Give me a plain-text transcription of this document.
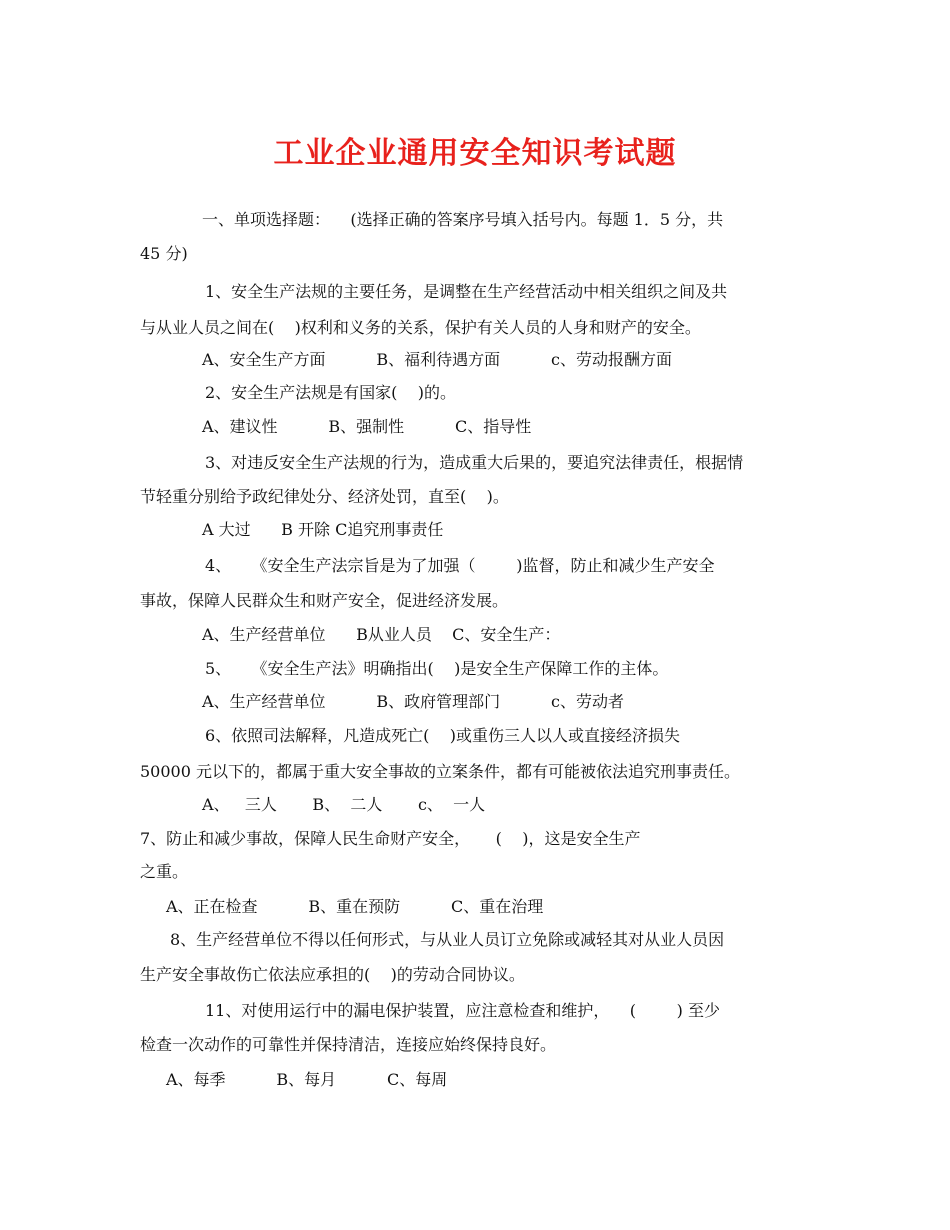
工业企业通用安全知识考试题
一、单项选择题：    (选择正确的答案序号填入括号内。每题 1．5 分，共
45 分)
1、安全生产法规的主要任务，是调整在生产经营活动中相关组织之间及共
与从业人员之间在(    )权利和义务的关系，保护有关人员的人身和财产的安全。
A、安全生产方面          B、福利待遇方面          c、劳动报酬方面
2、安全生产法规是有国家(    )的。
A、建议性          B、强制性          C、指导性
3、对违反安全生产法规的行为，造成重大后果的，要追究法律责任，根据情
节轻重分别给予政纪律处分、经济处罚，直至(    )。
A 大过      B 开除 C追究刑事责任
4、    《安全生产法宗旨是为了加强（        )监督，防止和减少生产安全
事故，保障人民群众生和财产安全，促进经济发展。
A、生产经营单位      B从业人员    C、安全生产：
5、    《安全生产法》明确指出(    )是安全生产保障工作的主体。
A、生产经营单位          B、政府管理部门          c、劳动者
6、依照司法解释，凡造成死亡(    )或重伤三人以人或直接经济损失
50000 元以下的，都属于重大安全事故的立案条件，都有可能被依法追究刑事责任。
A、   三人       B、  二人       c、  一人
7、防止和减少事故，保障人民生命财产安全，     (    )，这是安全生产
之重。
A、正在检查          B、重在预防          C、重在治理
8、生产经营单位不得以任何形式，与从业人员订立免除或减轻其对从业人员因
生产安全事故伤亡依法应承担的(    )的劳动合同协议。
11、对使用运行中的漏电保护装置，应注意检查和维护，    (        ) 至少
检查一次动作的可靠性并保持清洁，连接应始终保持良好。
A、每季          B、每月          C、每周
